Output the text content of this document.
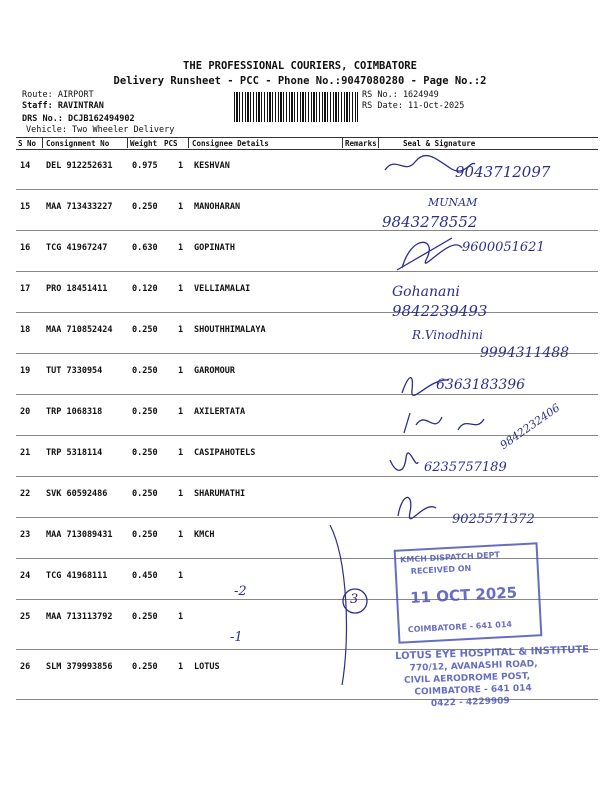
THE PROFESSIONAL COURIERS, COIMBATORE
Delivery Runsheet - PCC - Phone No.:9047080280 - Page No.:2
Route: AIRPORT
Staff: RAVINTRAN
DRS No.: DCJB162494902
Vehicle: Two Wheeler Delivery
RS No.: 1624949
RS Date: 11-Oct-2025
S No Consignment No	Weight PCS Consignee Details	Remarks	Seal & Signature
14 DEL 912252631 0.975 1 KESHVAN
15 MAA 713433227 0.250 1 MANOHARAN
16 TCG 41967247	0.630 1 GOPINATH
17 PRO 18451411	0.120 1 VELLIAMALAI
18 MAA 710852424 0.250 1 SHOUTHHIMALAYA
19 TUT 7330954	0.250 1 GAROMOUR
20 TRP 1068318	0.250 1 AXILERTATA
21 TRP 5318114	0.250 1 CASIPAHOTELS
22 SVK 60592486	0.250 1 SHARUMATHI
23 MAA 713089431 0.250 1 KMCH
24 TCG 41968111	0.450 1
25 MAA 713113792 0.250 1
26 SLM 379993856 0.250 1 LOTUS
9043712097
MUNAM
9843278552
9600051621
Gohanani
9842239493
R.Vinodhini
9994311488
6363183396
9842232406
6235757189
9025571372
-2
-1
3
KMCH DISPATCH DEPT
RECEIVED ON
11 OCT 2025
COIMBATORE - 641 014
LOTUS EYE HOSPITAL & INSTITUTE
770/12, AVANASHI ROAD,
CIVIL AERODROME POST,
COIMBATORE - 641 014
0422 - 4229909
